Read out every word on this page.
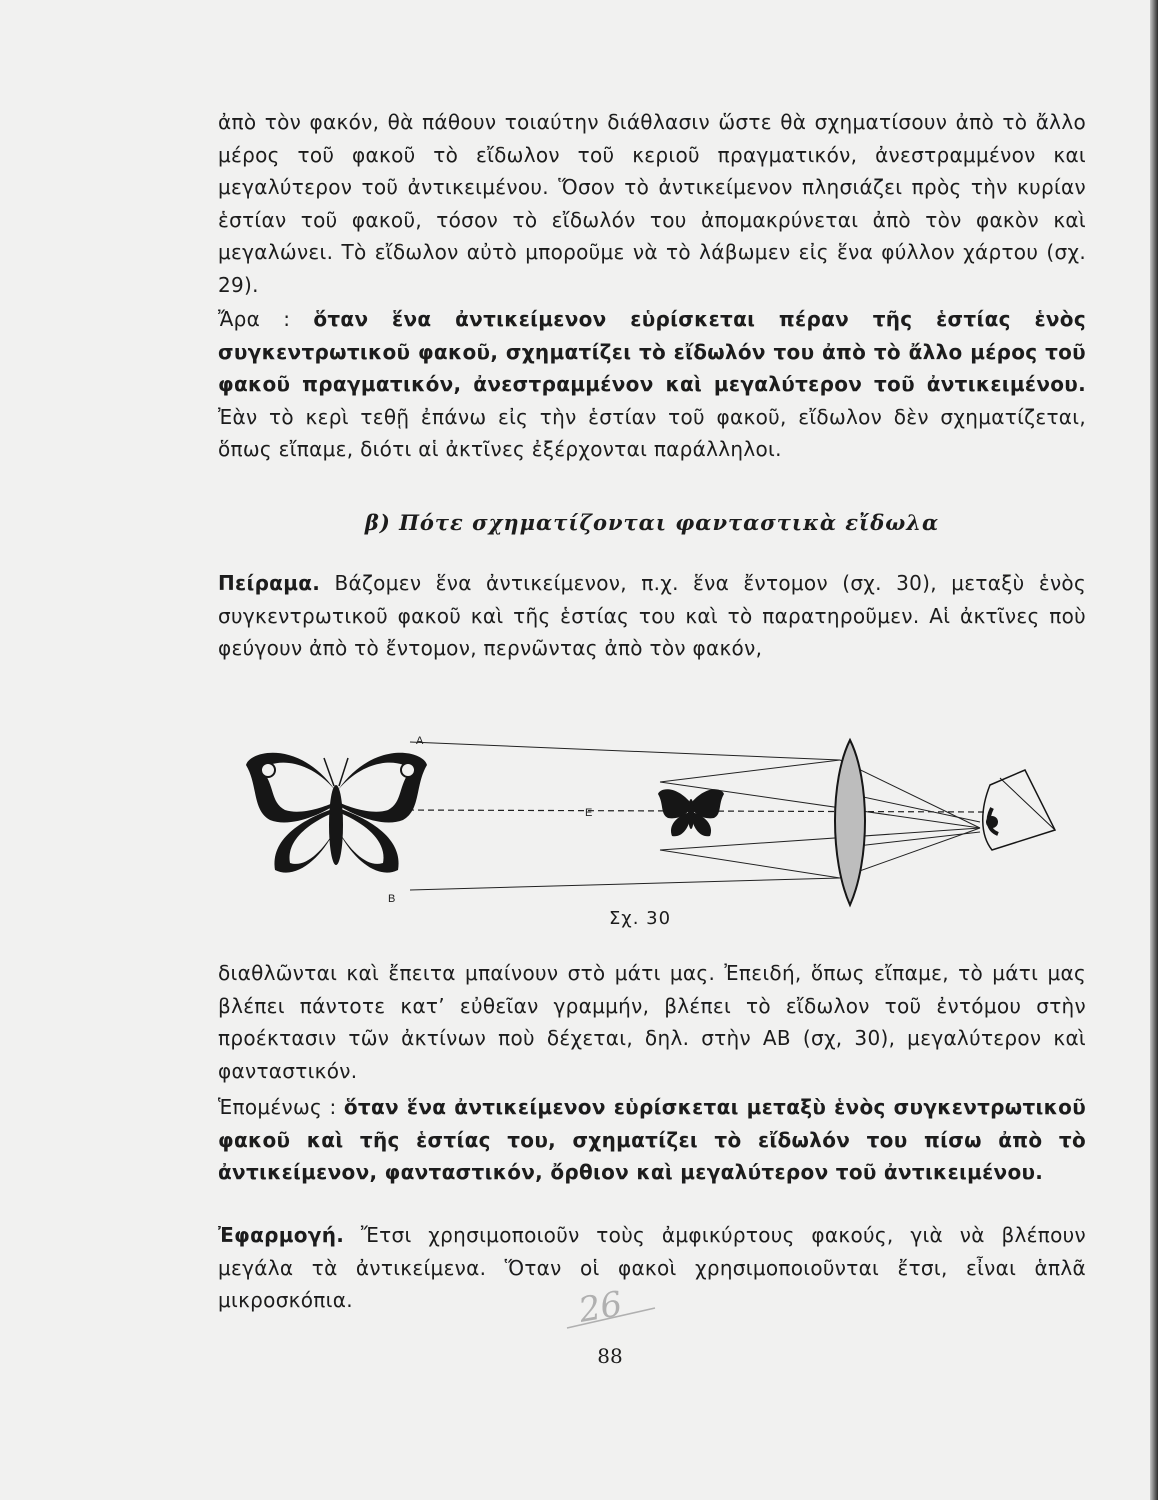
ἀπὸ τὸν φακόν, θὰ πάθουν τοιαύτην διάθλασιν ὥστε θὰ σχηματίσουν ἀπὸ τὸ ἄλλο μέρος τοῦ φακοῦ τὸ εἴδωλον τοῦ κεριοῦ πραγματικόν, ἀνεστραμμένον και μεγαλύτερον τοῦ ἀντικειμένου. Ὅσον τὸ ἀντικείμενον πλησιάζει πρὸς τὴν κυρίαν ἑστίαν τοῦ φακοῦ, τόσον τὸ εἴδωλόν του ἀπομακρύνεται ἀπὸ τὸν φακὸν καὶ μεγαλώνει. Τὸ εἴδωλον αὐτὸ μποροῦμε νὰ τὸ λάβωμεν εἰς ἕνα φύλλον χάρτου (σχ. 29).

Ἄρα : ὅταν ἕνα ἀντικείμενον εὑρίσκεται πέραν τῆς ἑστίας ἑνὸς συγκεντρωτικοῦ φακοῦ, σχηματίζει τὸ εἴδωλόν του ἀπὸ τὸ ἄλλο μέρος τοῦ φακοῦ πραγματικόν, ἀνεστραμμένον καὶ μεγαλύτερον τοῦ ἀντικειμένου. Ἐὰν τὸ κερὶ τεθῇ ἐπάνω εἰς τὴν ἑστίαν τοῦ φακοῦ, εἴδωλον δὲν σχηματίζεται, ὅπως εἴπαμε, διότι αἱ ἀκτῖνες ἐξέρχονται παράλληλοι.

β) Πότε σχηματίζονται φανταστικὰ εἴδωλα

Πείραμα. Βάζομεν ἕνα ἀντικείμενον, π.χ. ἕνα ἔντομον (σχ. 30), μεταξὺ ἑνὸς συγκεντρωτικοῦ φακοῦ καὶ τῆς ἑστίας του καὶ τὸ παρατηροῦμεν. Αἱ ἀκτῖνες ποὺ φεύγουν ἀπὸ τὸ ἔντομον, περνῶντας ἀπὸ τὸν φακόν,

A
B
E
Σχ. 30

διαθλῶνται καὶ ἔπειτα μπαίνουν στὸ μάτι μας. Ἐπειδή, ὅπως εἴπαμε, τὸ μάτι μας βλέπει πάντοτε κατ’ εὐθεῖαν γραμμήν, βλέπει τὸ εἴδωλον τοῦ ἐντόμου στὴν προέκτασιν τῶν ἀκτίνων ποὺ δέχεται, δηλ. στὴν AB (σχ, 30), μεγαλύτερον καὶ φανταστικόν.

Ἑπομένως : ὅταν ἕνα ἀντικείμενον εὑρίσκεται μεταξὺ ἑνὸς συγκεντρωτικοῦ φακοῦ καὶ τῆς ἑστίας του, σχηματίζει τὸ εἴδωλόν του πίσω ἀπὸ τὸ ἀντικείμενον, φανταστικόν, ὄρθιον καὶ μεγαλύτερον τοῦ ἀντικειμένου.

Ἐφαρμογή. Ἔτσι χρησιμοποιοῦν τοὺς ἀμφικύρτους φακούς, γιὰ νὰ βλέπουν μεγάλα τὰ ἀντικείμενα. Ὅταν οἱ φακοὶ χρησιμοποιοῦνται ἔτσι, εἶναι ἁπλᾶ μικροσκόπια.	26
88
